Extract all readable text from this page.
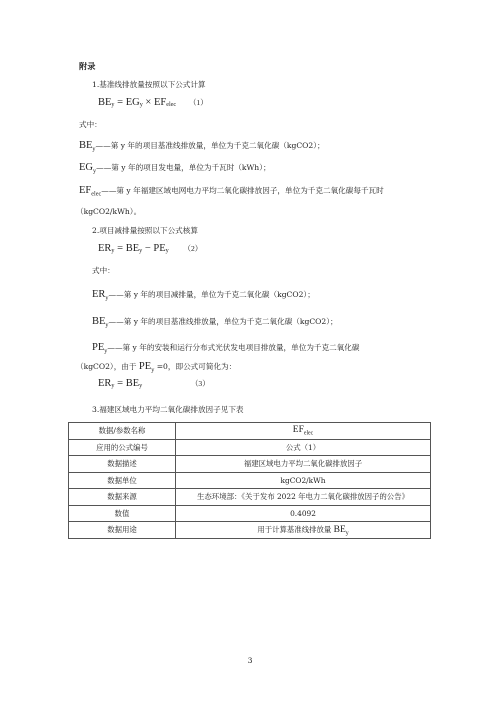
附录
1.基准线排放量按照以下公式计算
$BE_y = EG_y \times EF_{elec}$ （1）
式中：
$BE_y——$第 y 年的项目基准线排放量，单位为千克二氧化碳（kgCO2）；
$EG_y——$第 y 年的项目发电量，单位为千瓦时（kWh）；
$EF_{elec}——$第 y 年福建区域电网电力平均二氧化碳排放因子，单位为千克二氧化碳每千瓦时
（kgCO2/kWh）。
2.项目减排量按照以下公式核算
$ER_y = BE_y - PE_y$ （2）
式中：
$ER_y——$第 y 年的项目减排量，单位为千克二氧化碳（kgCO2）；
$BE_y——$第 y 年的项目基准线排放量，单位为千克二氧化碳（kgCO2）；
$PE_y——$第 y 年的安装和运行分布式光伏发电项目排放量，单位为千克二氧化碳
（kgCO2），由于 $PE_y =0$，即公式可简化为：
$ER_y = BE_y$	（3）
3.福建区域电力平均二氧化碳排放因子见下表
数据/参数名称	$EF_{elec}$
应用的公式编号	公式（1）
数据描述	福建区域电力平均二氧化碳排放因子
数据单位	kgCO2/kWh
数据来源	生态环境部：《关于发布 2022 年电力二氧化碳排放因子的公告》
数值	0.4092
数据用途	用于计算基准线排放量 $BE_y$
3
